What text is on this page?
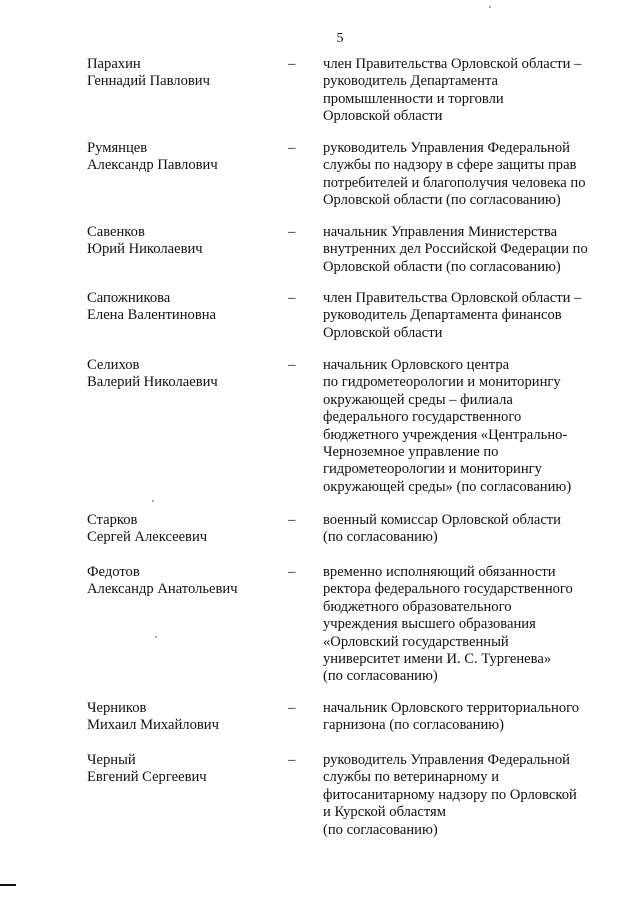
5
Парахин
Геннадий Павлович
– член Правительства Орловской области –
руководитель Департамента
промышленности и торговли
Орловской области
Румянцев
Александр Павлович
– руководитель Управления Федеральной
службы по надзору в сфере защиты прав
потребителей и благополучия человека по
Орловской области (по согласованию)
Савенков
Юрий Николаевич
– начальник Управления Министерства
внутренних дел Российской Федерации по
Орловской области (по согласованию)
Сапожникова
Елена Валентиновна
– член Правительства Орловской области –
руководитель Департамента финансов
Орловской области
Селихов
Валерий Николаевич
– начальник Орловского центра
по гидрометеорологии и мониторингу
окружающей среды – филиала
федерального государственного
бюджетного учреждения «Центрально-
Черноземное управление по
гидрометеорологии и мониторингу
окружающей среды» (по согласованию)
Старков
Сергей Алексеевич
– военный комиссар Орловской области
(по согласованию)
Федотов
Александр Анатольевич
– временно исполняющий обязанности
ректора федерального государственного
бюджетного образовательного
учреждения высшего образования
«Орловский государственный
университет имени И. С. Тургенева»
(по согласованию)
Черников
Михаил Михайлович
– начальник Орловского территориального
гарнизона (по согласованию)
Черный
Евгений Сергеевич
– руководитель Управления Федеральной
службы по ветеринарному и
фитосанитарному надзору по Орловской
и Курской областям
(по согласованию)
